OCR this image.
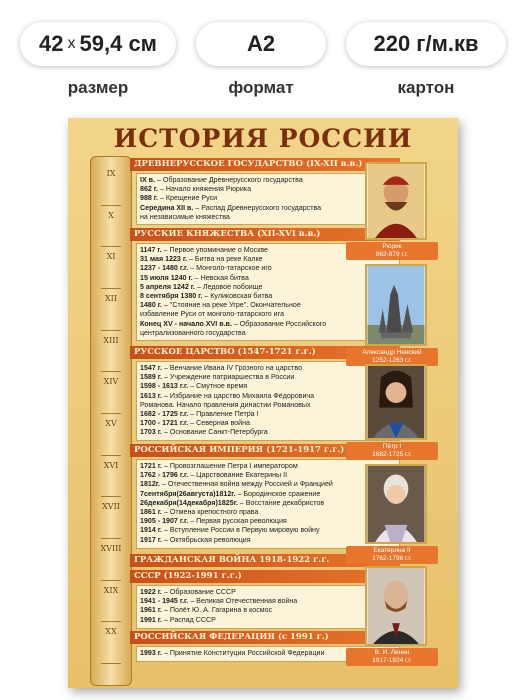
42 х 59,4 см
размер
A2
формат
220 г/м.кв
картон
ИСТОРИЯ РОССИИ
IX
X
XI
XII
XIII
XIV
XV
XVI
XVII
XVIII
XIX
XX
ДРЕВНЕРУССКОЕ ГОСУДАРСТВО (IX-XII в.в.)
IX в. – Образование Древнерусского государства
862 г. – Начало княжения Рюрика
988 г. – Крещение Руси
Середина XII в. – Распад Древнерусского государства
на независимые княжества
РУССКИЕ КНЯЖЕСТВА (XII-XVI в.в.)
1147 г. – Первое упоминание о Москве
31 мая 1223 г. – Битва на реке Калке
1237 - 1480 г.г. – Монголо-татарское иго
15 июля 1240 г. – Невская битва
5 апреля 1242 г. – Ледовое побоище
8 сентября 1380 г. – Куликовская битва
1480 г. – "Стояние на реке Угре". Окончательное
избавление Руси от монголо-татарского ига
Конец XV - начало XVI в.в. – Образование Российского
централизованного государства
РУССКОЕ ЦАРСТВО (1547-1721 г.г.)
1547 г. – Венчание Ивана IV Грозного на царство
1589 г. – Учреждение патриаршества в России
1598 - 1613 г.г. – Смутное время
1613 г. – Избрание на царство Михаила Фёдоровича
Романова. Начало правления династии Романовых
1682 - 1725 г.г. – Правление Петра I
1700 - 1721 г.г. – Северная война
1703 г. – Основание Санкт-Петербурга
РОССИЙСКАЯ ИМПЕРИЯ (1721-1917 г.г.)
1721 г. – Провозглашение Петра I императором
1762 - 1796 г.г. – Царствование Екатерины II
1812г. – Отечественная война между Россией и Францией
7сентября(26августа)1812г. – Бородинское сражение
26декабря(14декабря)1825г. – Восстание декабристов
1861 г. – Отмена крепостного права
1905 - 1907 г.г. – Первая русская революция
1914 г. – Вступление России в Первую мировую войну
1917 г. – Октябрьская революция
ГРАЖДАНСКАЯ ВОЙНА 1918-1922 г.г.
СССР (1922-1991 г.г.)
1922 г. – Образование СССР
1941 - 1945 г.г. – Великая Отечественная война
1961 г. – Полёт Ю. А. Гагарина в космос
1991 г. – Распад СССР
РОССИЙСКАЯ ФЕДЕРАЦИЯ (с 1991 г.)
1993 г. – Принятие Конституции Российской Федерации
Рюрик
862-879 г.г.
Александр Невский
1252-1263 г.г.
Пётр I
1682-1725 г.г.
Екатерина II
1762-1796 г.г.
В. И. Ленин
1917-1924 г.г.
